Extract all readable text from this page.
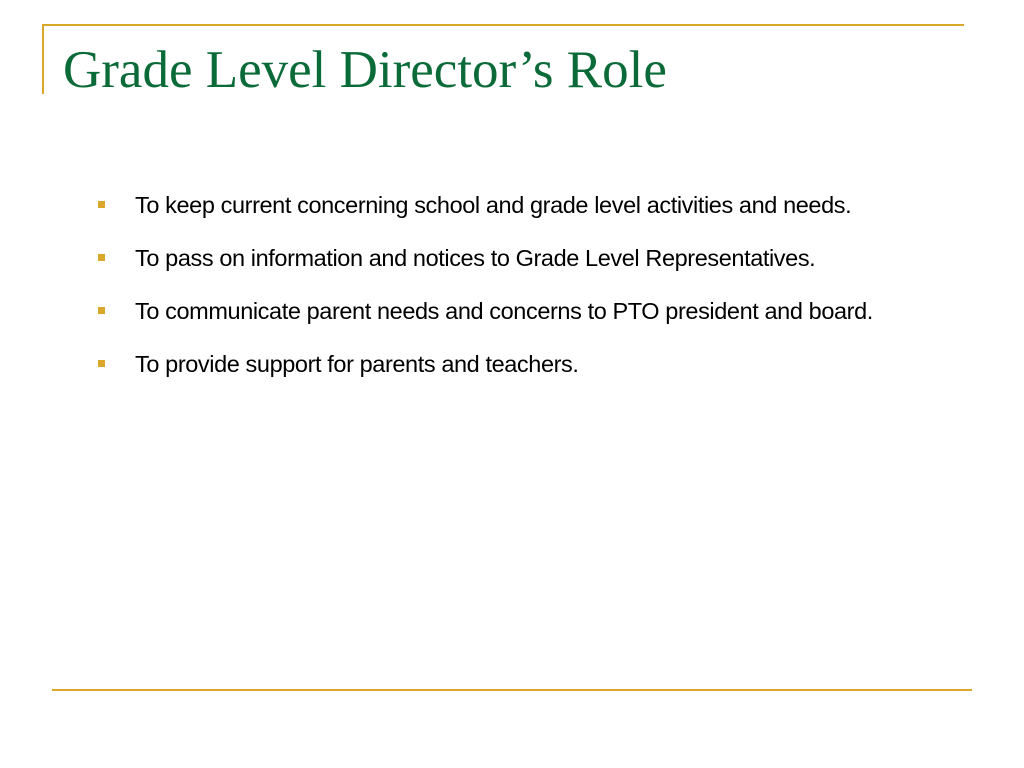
Grade Level Director’s Role
To keep current concerning school and grade level activities and needs.
To pass on information and notices to Grade Level Representatives.
To communicate parent needs and concerns to PTO president and board.
To provide support for parents and teachers.
